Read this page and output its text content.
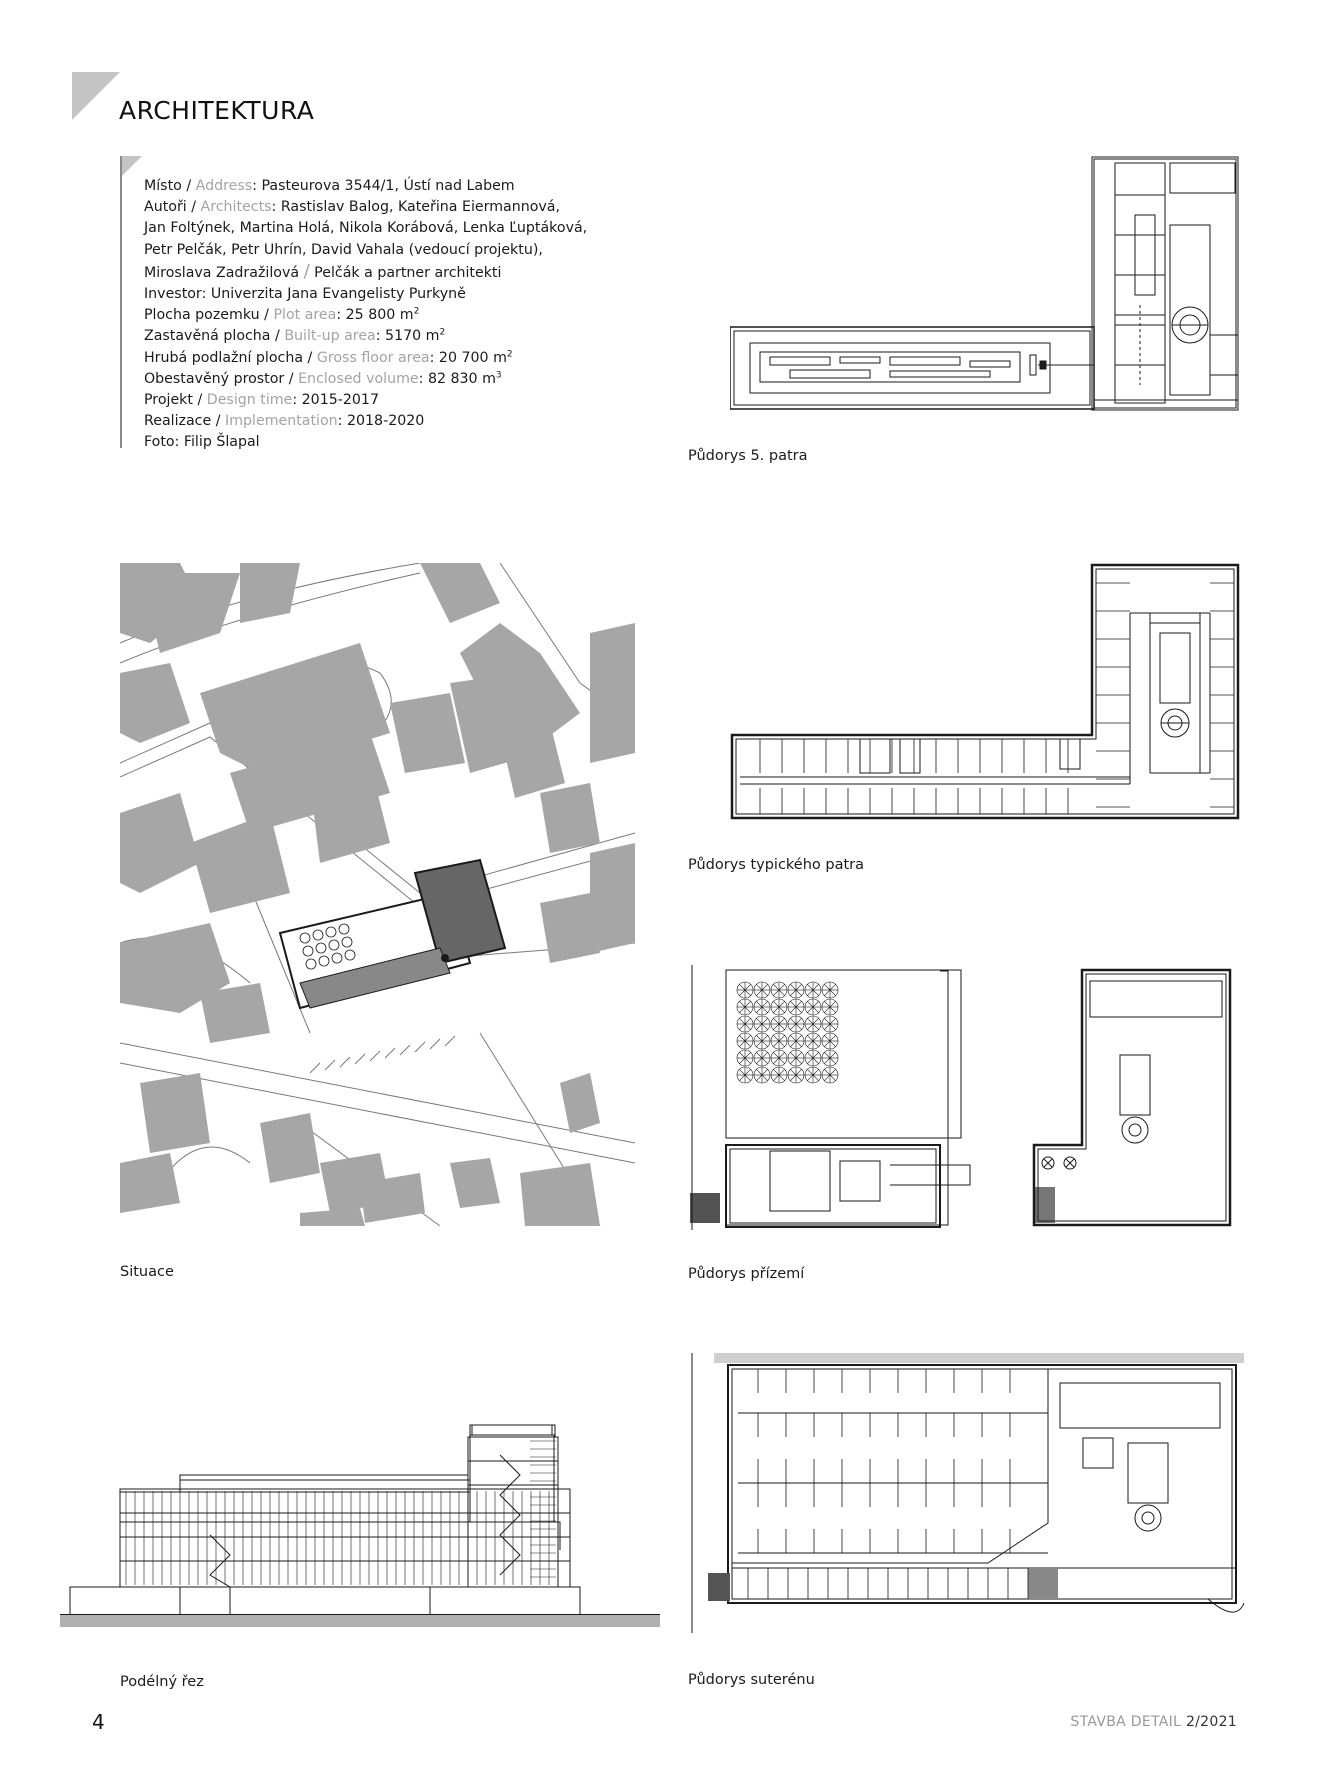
ARCHITEKTURA
Místo / Address: Pasteurova 3544/1, Ústí nad Labem
Autoři / Architects: Rastislav Balog, Kateřina Eiermannová,
Jan Foltýnek, Martina Holá, Nikola Korábová, Lenka Ľuptáková,
Petr Pelčák, Petr Uhrín, David Vahala (vedoucí projektu),
Miroslava Zadražilová / Pelčák a partner architekti
Investor: Univerzita Jana Evangelisty Purkyně
Plocha pozemku / Plot area: 25 800 $m^2$
Zastavěná plocha / Built-up area: 5170 $m^2$
Hrubá podlažní plocha / Gross floor area: 20 700 $m^2$
Obestavěný prostor / Enclosed volume: 82 830 $m^3$
Projekt / Design time: 2015-2017
Realizace / Implementation: 2018-2020
Foto: Filip Šlapal
Půdorys 5. patra
Půdorys typického patra
Situace	Půdorys přízemí
Podélný řez	Půdorys suterénu
4	STAVBA DETAIL 2/2021
